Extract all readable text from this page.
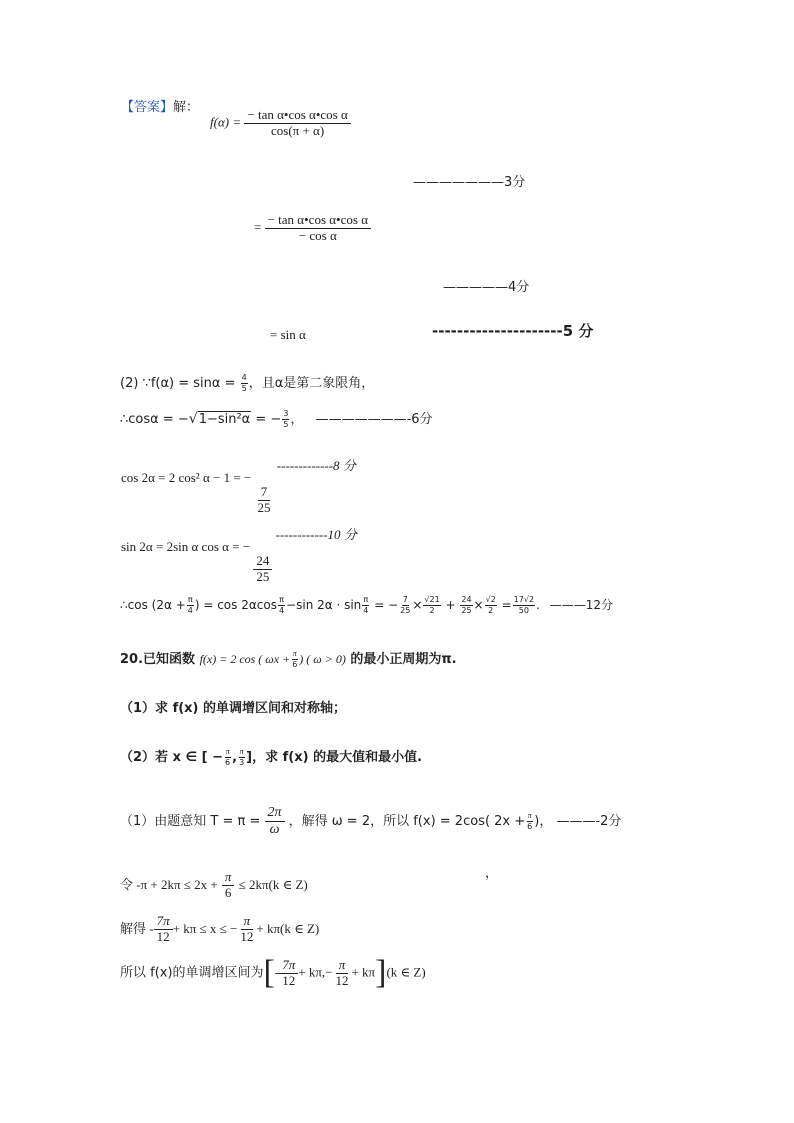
【答案】解：
$f(\alpha) = \frac{\text{− tan α•cos α•cos α}}{\cos(\pi + \alpha)}$
———————3分
= $\frac{\text{− tan α•cos α•cos α}}{\text{− cos α}}$
—————4分
= sin α	---------------------5 分
(2) ∵f(α) = $\sin\alpha = \frac{4}{5}$ ，且α是第二象限角，
∴cosα = −√1−sin²α = − $\frac{3}{5}$ ， ———————-6分
cos 2α = 2 cos² α − 1 = −
$\frac{7}{25}$
-------------8 分
sin 2α = 2sin α cos α = −
$\frac{24}{25}$
------------10 分
∴cos ($2\alpha + \frac{\pi}{4}$ ) = $\cos 2\alpha\cos \frac{\pi}{4} -\sin$ $2\alpha \cdot \sin \frac{\pi}{4}$ = − $\frac{7}{25} \times \frac{√21}{2} + \frac{24}{25} \times \frac{√2}{2} = \frac{17√2}{50}$ . ———12分
20.已知函数 f(x) = 2 cos ( $\omega x + \frac{\pi}{6}$ ) ( ω > 0) 的最小正周期为π.
（1）求 f(x) 的单调增区间和对称轴；
（2）若 x ∈ [ − $\frac{\pi}{6}$ , $\frac{\pi}{3}$ ]，求 f(x) 的最大值和最小值.
（1）由题意知 $T = \pi = \frac{2\pi}{\omega}$ ，解得 ω = 2，所以 f(x) = 2cos( $2x + \frac{\pi}{6}$ )， ———-2分
，
令 $-\pi + 2k\pi \le 2x + \frac{\pi}{6} \le 2k\pi(k$ ∈ Z)
解得 - $\frac{7\pi}{12} + k\pi \le x$ ≤ − $\frac{\pi}{12} + k\pi(k$ ∈ Z)
所以 f(x)的单调增区间为[- $\frac{7\pi}{12} + k\pi,- \frac{\pi}{12} + k\pi](k$ ∈ Z)
